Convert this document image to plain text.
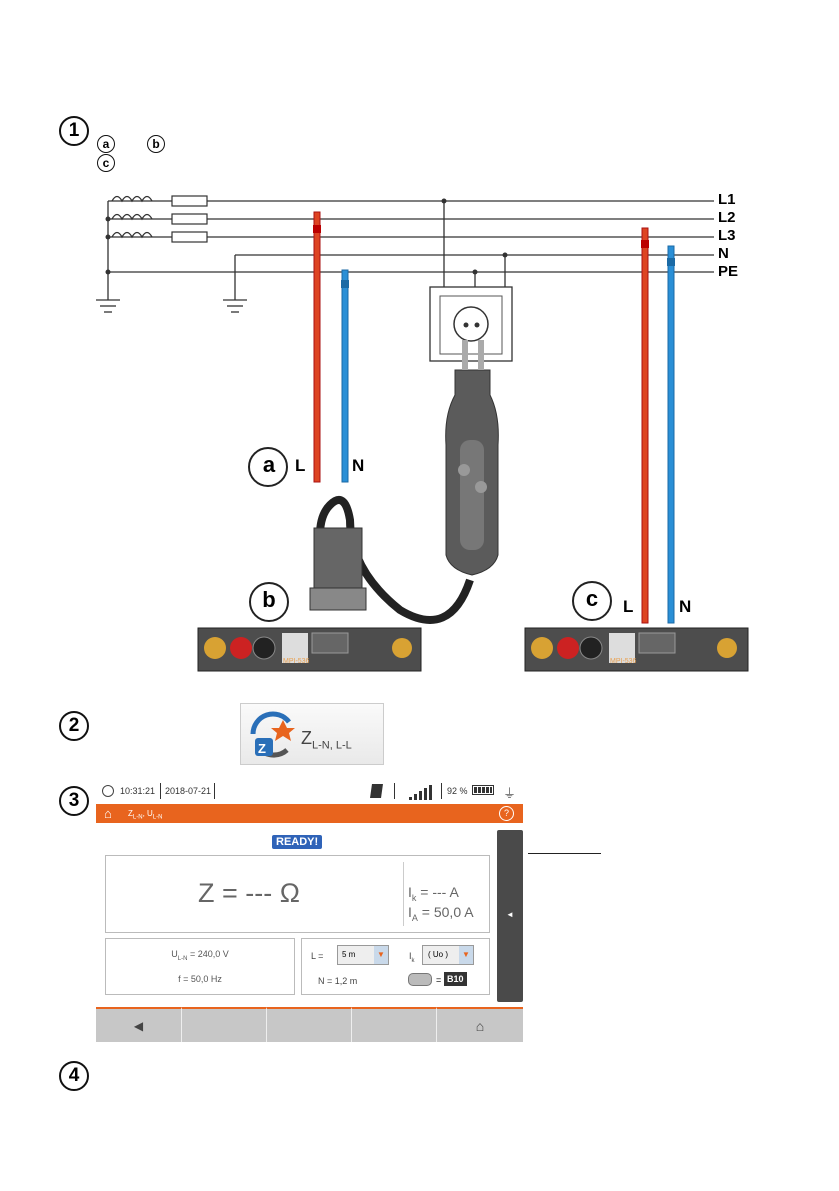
1
2
3
4
a	b
c
L1
L2
L3
N
PE
a
b	c
L	N
L	N
MPI-536	MPI-536
Z
$Z_{L-N, L-L}$
10:31:21 2018-07-21	92 %	⏚
⌂ $Z_{L-N}$, $U_{L-N}$	?
READY!
Z = --- Ω	$I_k$ = --- A
$I_A = 50,0$ A
$U_{L-N} = 240,0$ V
f = 50,0 Hz
L = 5 m	▼	$I_k$
( Uo )	▼
N = 1,2 m	= B10
◄
◀	⌂
